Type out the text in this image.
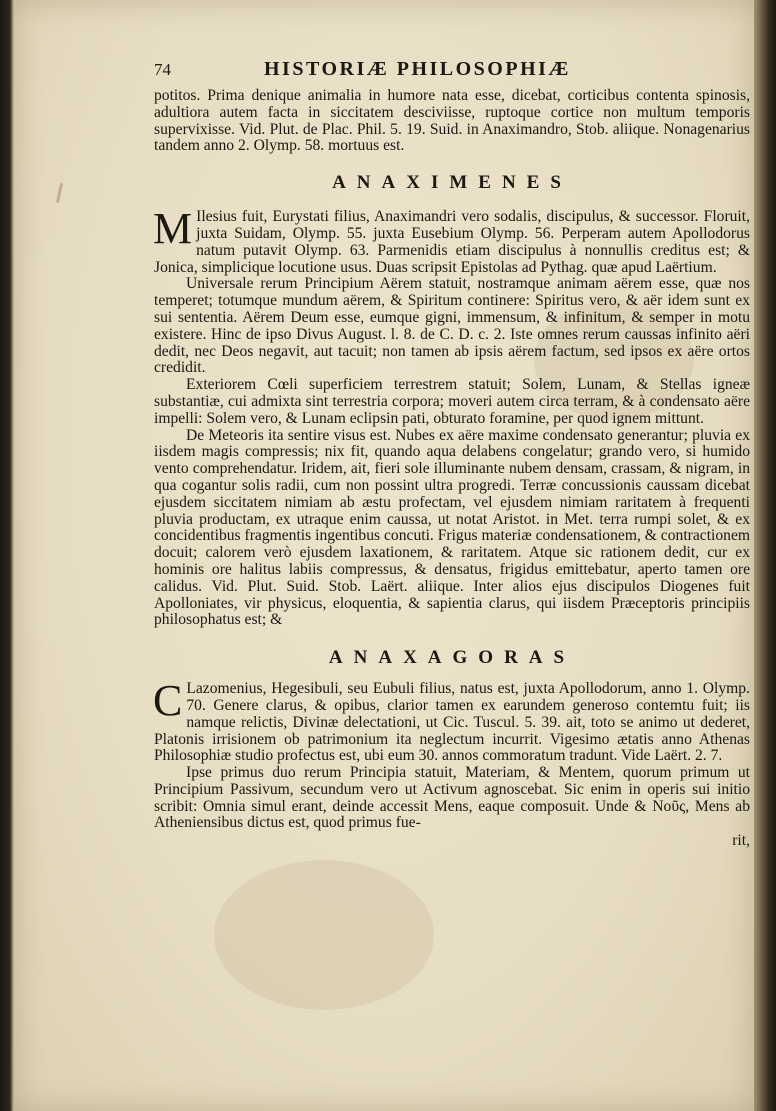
74	HISTORIÆ PHILOSOPHIÆ

potitos. Prima denique animalia in humore nata esse, dicebat, corticibus contenta spinosis, adultiora autem facta in siccitatem desciviisse, ruptoque cortice non multum temporis supervixisse. Vid. Plut. de Plac. Phil. 5. 19. Suid. in Anaximandro, Stob. aliique. Nonagenarius tandem anno 2. Olymp. 58. mortuus est.

ANAXIMENES

M Ilesius fuit, Eurystati filius, Anaximandri vero sodalis, discipulus, & successor. Floruit, juxta Suidam, Olymp. 55. juxta Eusebium Olymp. 56. Perperam autem Apollodorus natum putavit Olymp. 63. Parmenidis etiam discipulus à nonnullis creditus est; & Jonica, simplicique locutione usus. Duas scripsit Epistolas ad Pythag. quæ apud Laërtium.

Universale rerum Principium Aërem statuit, nostramque animam aërem esse, quæ nos temperet; totumque mundum aërem, & Spiritum continere: Spiritus vero, & aër idem sunt ex sui sententia. Aërem Deum esse, eumque gigni, immensum, & infinitum, & semper in motu existere. Hinc de ipso Divus August. l. 8. de C. D. c. 2. Iste omnes rerum caussas infinito aëri dedit, nec Deos negavit, aut tacuit; non tamen ab ipsis aërem factum, sed ipsos ex aëre ortos credidit.

Exteriorem Cœli superficiem terrestrem statuit; Solem, Lunam, & Stellas igneæ substantiæ, cui admixta sint terrestria corpora; moveri autem circa terram, & à condensato aëre impelli: Solem vero, & Lunam eclipsin pati, obturato foramine, per quod ignem mittunt.

De Meteoris ita sentire visus est. Nubes ex aëre maxime condensato generantur; pluvia ex iisdem magis compressis; nix fit, quando aqua delabens congelatur; grando vero, si humido vento comprehendatur. Iridem, ait, fieri sole illuminante nubem densam, crassam, & nigram, in qua cogantur solis radii, cum non possint ultra progredi. Terræ concussionis caussam dicebat ejusdem siccitatem nimiam ab æstu profectam, vel ejusdem nimiam raritatem à frequenti pluvia productam, ex utraque enim caussa, ut notat Aristot. in Met. terra rumpi solet, & ex concidentibus fragmentis ingentibus concuti. Frigus materiæ condensationem, & contractionem docuit; calorem verò ejusdem laxationem, & raritatem. Atque sic rationem dedit, cur ex hominis ore halitus labiis compressus, & densatus, frigidus emittebatur, aperto tamen ore calidus. Vid. Plut. Suid. Stob. Laërt. aliique. Inter alios ejus discipulos Diogenes fuit Apolloniates, vir physicus, eloquentia, & sapientia clarus, qui iisdem Præceptoris principiis philosophatus est; &

ANAXAGORAS

C Lazomenius, Hegesibuli, seu Eubuli filius, natus est, juxta Apollodorum, anno 1. Olymp. 70. Genere clarus, & opibus, clarior tamen ex earundem generoso contemtu fuit; iis namque relictis, Divinæ delectationi, ut Cic. Tuscul. 5. 39. ait, toto se animo ut dederet, Platonis irrisionem ob patrimonium ita neglectum incurrit. Vigesimo ætatis anno Athenas Philosophiæ studio profectus est, ubi eum 30. annos commoratum tradunt. Vide Laërt. 2. 7.

Ipse primus duo rerum Principia statuit, Materiam, & Mentem, quorum primum ut Principium Passivum, secundum vero ut Activum agnoscebat. Sic enim in operis sui initio scribit: Omnia simul erant, deinde accessit Mens, eaque composuit. Unde & Νοῦς, Mens ab Atheniensibus dictus est, quod primus fue-

rit,
